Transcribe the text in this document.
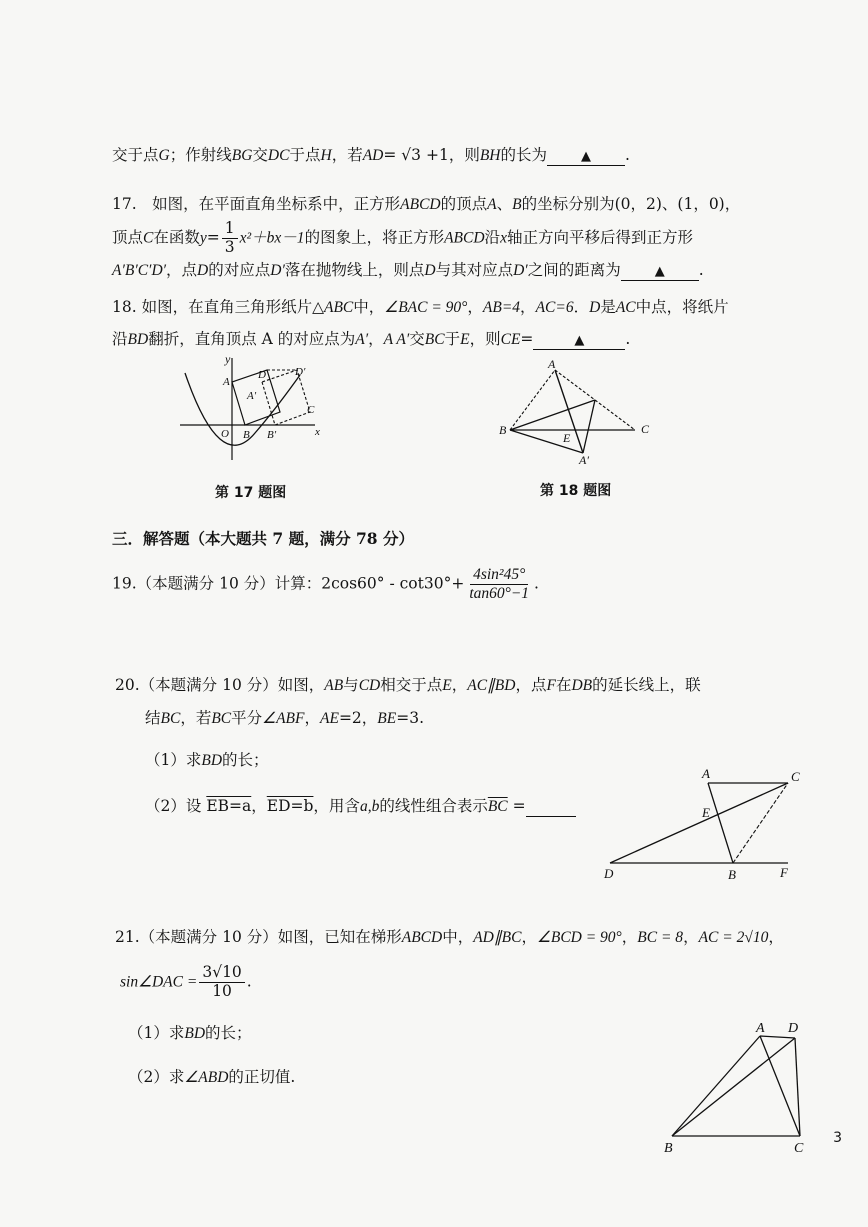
交于点G；作射线BG交DC于点H，若AD= √3 +1，则BH的长为	▲ .
17.　如图，在平面直角坐标系中，正方形ABCD的顶点A、B的坐标分别为(0，2)、(1，0)，
顶点C在函数$y= \frac{1}{3} x^2+bx-1$的图象上，将正方形ABCD沿x轴正方向平移后得到正方形
A′B′C′D′，点D的对应点D′落在抛物线上，则点D与其对应点D′之间的距离为	▲ .
18. 如图，在直角三角形纸片△ABC中，∠BAC = 90°，AB=4，AC=6．D是AC中点，将纸片
沿BD翻折，直角顶点 A 的对应点为A′，A A′交BC于E，则CE=	▲	.
y
x
O B B′
A
A′
D	D′
C
第 17 题图
A
B	C
E
A′
第 18 题图
三．解答题（本大题共 7 题，满分 78 分）
19.（本题满分 10 分）计算：$2\cos 60^\circ - \cot 30^\circ+ \frac{\text{4sin²45°}}{\tan 60^\circ-1}$ .
20.（本题满分 10 分）如图，AB与CD相交于点E，AC∥BD，点F在DB的延长线上，联
结BC，若BC平分∠ABF，AE=2，BE=3.
（1）求BD的长；
（2）设 EB=a，ED=b，用含a,b的线性组合表示$\overline{BC}$ =
A	C
E
D	B	F
21.（本题满分 10 分）如图，已知在梯形ABCD中，AD∥BC，∠BCD = 90°，BC = 8，AC = 2√10，
sin∠DAC = $\frac{3√10}{10}$ .
（1）求BD的长；
（2）求∠ABD的正切值.
A D
B	C
3
